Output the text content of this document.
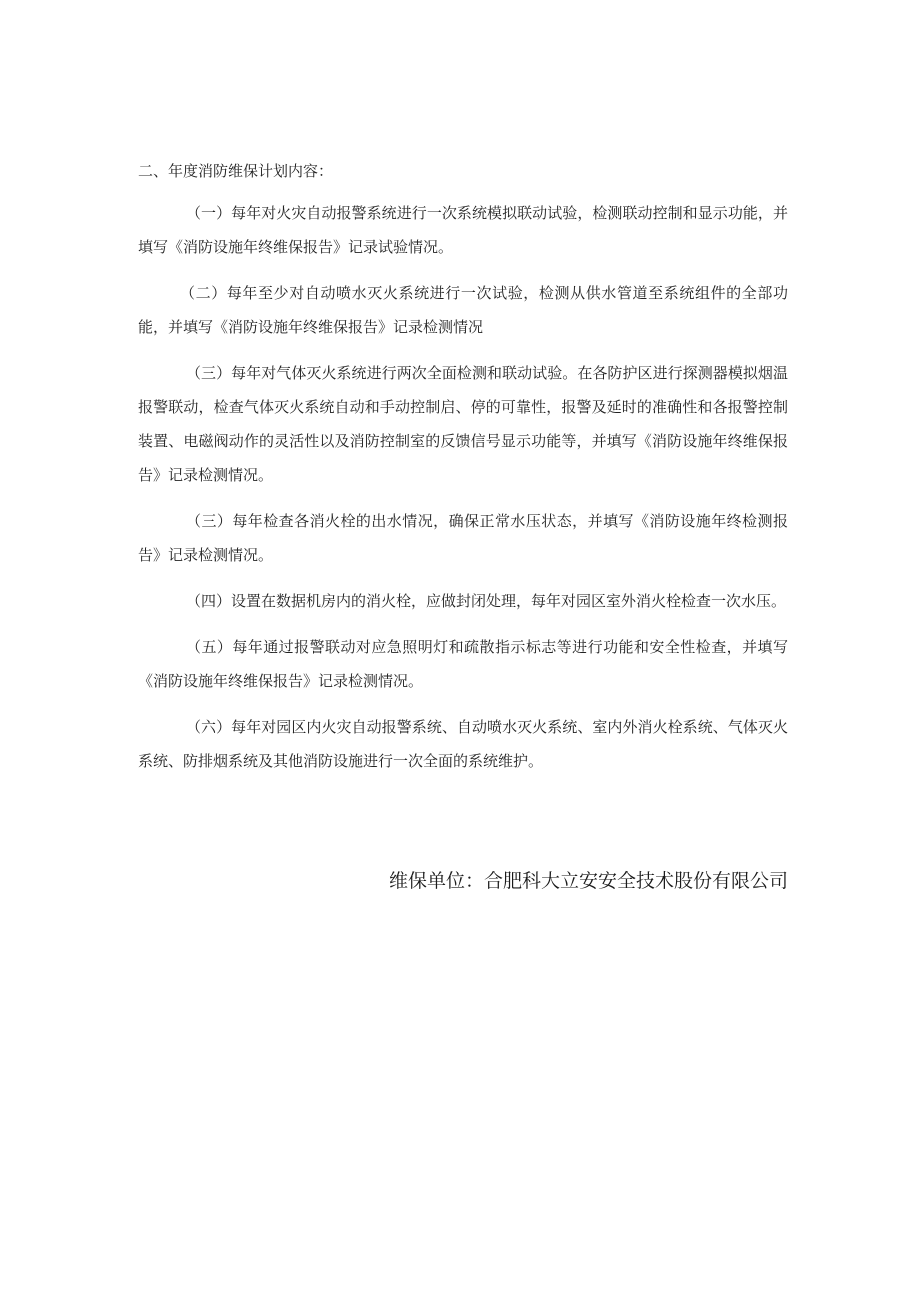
二、年度消防维保计划内容：

（一）每年对火灾自动报警系统进行一次系统模拟联动试验，检测联动控制和显示功能，并填写《消防设施年终维保报告》记录试验情况。

（二）每年至少对自动喷水灭火系统进行一次试验，检测从供水管道至系统组件的全部功能，并填写《消防设施年终维保报告》记录检测情况

（三）每年对气体灭火系统进行两次全面检测和联动试验。在各防护区进行探测器模拟烟温报警联动，检查气体灭火系统自动和手动控制启、停的可靠性，报警及延时的准确性和各报警控制装置、电磁阀动作的灵活性以及消防控制室的反馈信号显示功能等，并填写《消防设施年终维保报告》记录检测情况。

（三）每年检查各消火栓的出水情况，确保正常水压状态，并填写《消防设施年终检测报告》记录检测情况。

（四）设置在数据机房内的消火栓，应做封闭处理，每年对园区室外消火栓检查一次水压。

（五）每年通过报警联动对应急照明灯和疏散指示标志等进行功能和安全性检查，并填写《消防设施年终维保报告》记录检测情况。

（六）每年对园区内火灾自动报警系统、自动喷水灭火系统、室内外消火栓系统、气体灭火系统、防排烟系统及其他消防设施进行一次全面的系统维护。

维保单位：合肥科大立安安全技术股份有限公司
